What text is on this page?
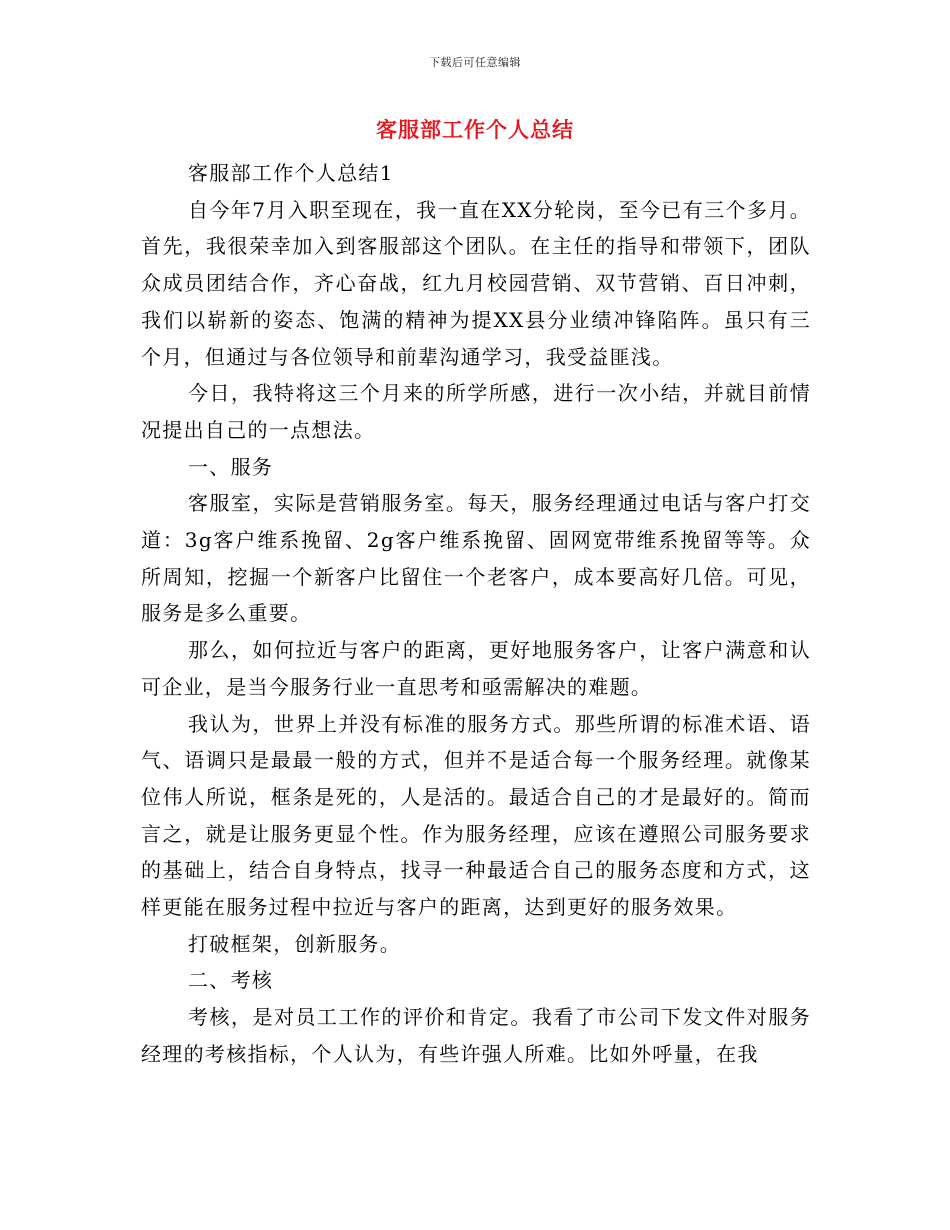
下载后可任意编辑
客服部工作个人总结

客服部工作个人总结1

自今年7月入职至现在，我一直在XX分轮岗，至今已有三个多月。首先，我很荣幸加入到客服部这个团队。在主任的指导和带领下，团队众成员团结合作，齐心奋战，红九月校园营销、双节营销、百日冲刺，我们以崭新的姿态、饱满的精神为提XX县分业绩冲锋陷阵。虽只有三个月，但通过与各位领导和前辈沟通学习，我受益匪浅。

今日，我特将这三个月来的所学所感，进行一次小结，并就目前情况提出自己的一点想法。

一、服务

客服室，实际是营销服务室。每天，服务经理通过电话与客户打交道：3g客户维系挽留、2g客户维系挽留、固网宽带维系挽留等等。众所周知，挖掘一个新客户比留住一个老客户，成本要高好几倍。可见，服务是多么重要。

那么，如何拉近与客户的距离，更好地服务客户，让客户满意和认可企业，是当今服务行业一直思考和亟需解决的难题。

我认为，世界上并没有标准的服务方式。那些所谓的标准术语、语气、语调只是最最一般的方式，但并不是适合每一个服务经理。就像某位伟人所说，框条是死的，人是活的。最适合自己的才是最好的。简而言之，就是让服务更显个性。作为服务经理，应该在遵照公司服务要求的基础上，结合自身特点，找寻一种最适合自己的服务态度和方式，这样更能在服务过程中拉近与客户的距离，达到更好的服务效果。

打破框架，创新服务。

二、考核

考核，是对员工工作的评价和肯定。我看了市公司下发文件对服务经理的考核指标，个人认为，有些许强人所难。比如外呼量，在我
